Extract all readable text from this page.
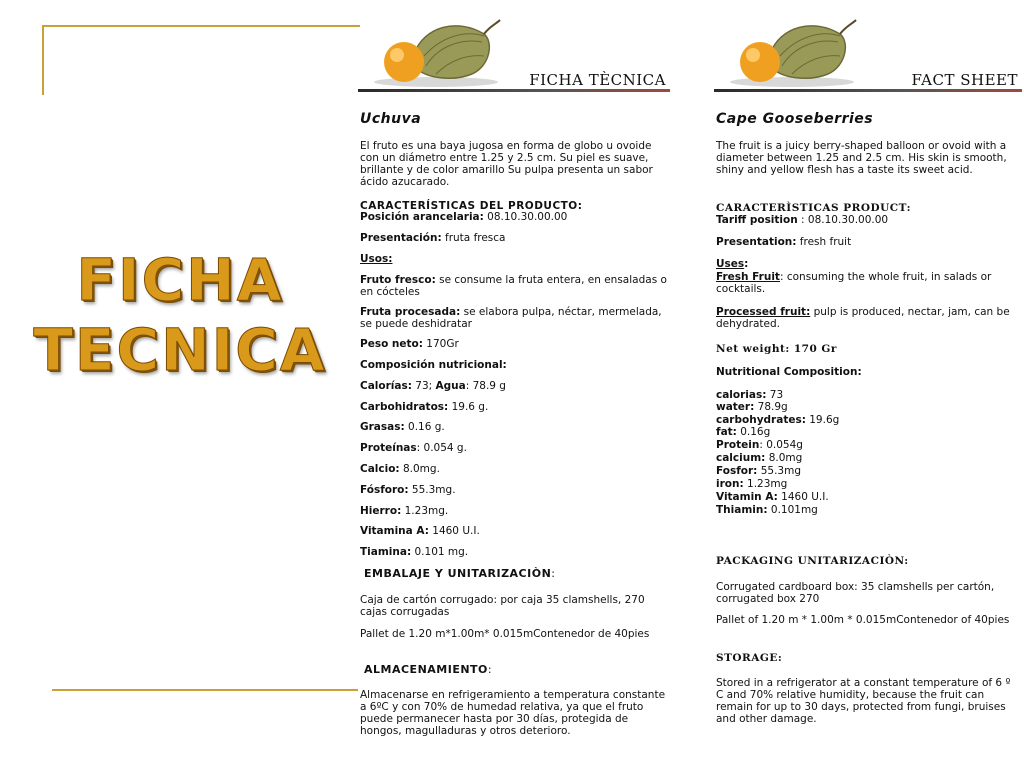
FICHA
TECNICA
FICHA TÈCNICA
Uchuva
El fruto es una baya jugosa en forma de globo u ovoide con un diámetro entre 1.25 y 2.5 cm. Su piel es suave, brillante y de color amarillo Su pulpa presenta un sabor ácido azucarado.
CARACTERÍSTICAS DEL PRODUCTO:
Posición arancelaria: 08.10.30.00.00
Presentación: fruta fresca
Usos:
Fruto fresco: se consume la fruta entera, en ensaladas o en cócteles
Fruta procesada: se elabora pulpa, néctar, mermelada, se puede deshidratar
Peso neto: 170Gr
Composición nutricional:
Calorías: 73; Agua: 78.9 g
Carbohidratos: 19.6 g.
Grasas: 0.16 g.
Proteínas: 0.054 g.
Calcio: 8.0mg.
Fósforo: 55.3mg.
Hierro: 1.23mg.
Vitamina A: 1460 U.I.
Tiamina: 0.101 mg.
EMBALAJE Y UNITARIZACIÒN:
Caja de cartón corrugado: por caja 35 clamshells, 270 cajas corrugadas
Pallet de 1.20 m*1.00m* 0.015mContenedor de 40pies
ALMACENAMIENTO:
Almacenarse en refrigeramiento a temperatura constante a 6ºC y con 70% de humedad relativa, ya que el fruto puede permanecer hasta por 30 días, protegida de hongos, magulladuras y otros deterioro.
FACT SHEET
Cape Gooseberries
The fruit is a juicy berry-shaped balloon or ovoid with a diameter between 1.25 and 2.5 cm. His skin is smooth, shiny and yellow flesh has a taste its sweet acid.
CARACTERÌSTICAS PRODUCT:
Tariff position : 08.10.30.00.00
Presentation: fresh fruit
Uses:
Fresh Fruit: consuming the whole fruit, in salads or cocktails.
Processed fruit: pulp is produced, nectar, jam, can be dehydrated.
Net weight: 170 Gr
Nutritional Composition:
calorias: 73
water: 78.9g
carbohydrates: 19.6g
fat: 0.16g
Protein: 0.054g
calcium: 8.0mg
Fosfor: 55.3mg
iron: 1.23mg
Vitamin A: 1460 U.I.
Thiamin: 0.101mg
PACKAGING UNITARIZACIÒN:
Corrugated cardboard box: 35 clamshells per cartón, corrugated box 270
Pallet of 1.20 m * 1.00m * 0.015mContenedor of 40pies
STORAGE:
Stored in a refrigerator at a constant temperature of 6 º C and 70% relative humidity, because the fruit can remain for up to 30 days, protected from fungi, bruises and other damage.
